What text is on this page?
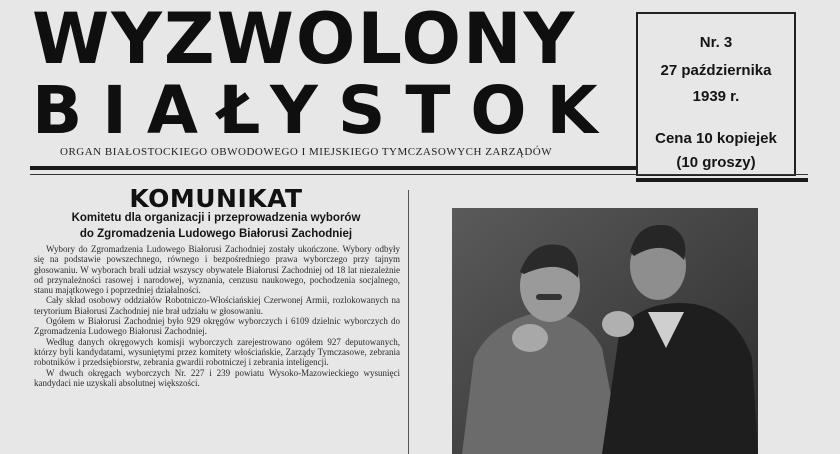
WYZWOLONY
BIAŁYSTOK
ORGAN BIAŁOSTOCKIEGO OBWODOWEGO I MIEJSKIEGO TYMCZASOWYCH ZARZĄDÓW
Nr. 3
27 października
1939 r.
Cena 10 kopiejek
(10 groszy)
KOMUNIKAT
Komitetu dla organizacji i przeprowadzenia wyborów
do Zgromadzenia Ludowego Białorusi Zachodniej

Wybory do Zgromadzenia Ludowego Białorusi Zachodniej zostały ukończone. Wybory odbyły się na podstawie powszechnego, równego i bezpośredniego prawa wyborczego przy tajnym głosowaniu. W wyborach brali udział wszyscy obywatele Białorusi Zachodniej od 18 lat niezależnie od przynależności rasowej i narodowej, wyznania, cenzusu naukowego, pochodzenia socjalnego, stanu majątkowego i poprzedniej działalności.

Cały skład osobowy oddziałów Robotniczo-Włościańskiej Czerwonej Armii, rozlokowanych na terytorium Białorusi Zachodniej nie brał udziału w głosowaniu.

Ogółem w Białorusi Zachodniej było 929 okręgów wyborczych i 6109 dzielnic wyborczych do Zgromadzenia Ludowego Białorusi Zachodniej.

Według danych okręgowych komisji wyborczych zarejestrowano ogółem 927 deputowanych, którzy byli kandydatami, wysuniętymi przez komitety włościańskie, Zarządy Tymczasowe, zebrania robotników i przedsiębiorstw, zebrania gwardii robotniczej i zebrania inteligencji.

W dwuch okręgach wyborczych Nr. 227 i 239 powiatu Wysoko-Mazowieckiego wysunięci kandydaci nie uzyskali absolutnej większości.
